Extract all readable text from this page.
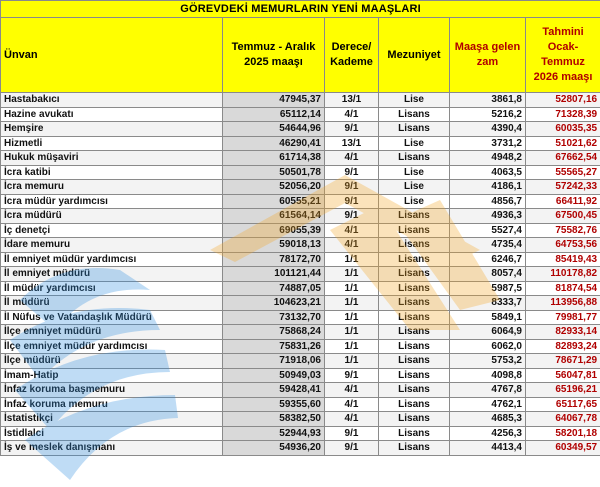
GÖREVDEKİ MEMURLARIN YENİ MAAŞLARI					
Ünvan	Temmuz - Aralık 2025 maaşı	Derece/ Kademe	Mezuniyet	Maaşa gelen zam	Tahmini Ocak-Temmuz 2026 maaşı
Hastabakıcı	47945,37	13/1	Lise	3861,8	52807,16
Hazine avukatı	65112,14	4/1	Lisans	5216,2	71328,39
Hemşire	54644,96	9/1	Lisans	4390,4	60035,35
Hizmetli	46290,41	13/1	Lise	3731,2	51021,62
Hukuk müşaviri	61714,38	4/1	Lisans	4948,2	67662,54
İcra katibi	50501,78	9/1	Lise	4063,5	55565,27
İcra memuru	52056,20	9/1	Lise	4186,1	57242,33
İcra müdür yardımcısı	60555,21	9/1	Lise	4856,7	66411,92
İcra müdürü	61564,14	9/1	Lisans	4936,3	67500,45
İç denetçi	69055,39	4/1	Lisans	5527,4	75582,76
İdare memuru	59018,13	4/1	Lisans	4735,4	64753,56
İl emniyet müdür yardımcısı	78172,70	1/1	Lisans	6246,7	85419,43
İl emniyet müdürü	101121,44	1/1	Lisans	8057,4	110178,82
İl müdür yardımcısı	74887,05	1/1	Lisans	5987,5	81874,54
İl müdürü	104623,21	1/1	Lisans	8333,7	113956,88
İl Nüfus ve Vatandaşlık Müdürü	73132,70	1/1	Lisans	5849,1	79981,77
İlçe emniyet müdürü	75868,24	1/1	Lisans	6064,9	82933,14
İlçe emniyet müdür yardımcısı	75831,26	1/1	Lisans	6062,0	82893,24
İlçe müdürü	71918,06	1/1	Lisans	5753,2	78671,29
İmam-Hatip	50949,03	9/1	Lisans	4098,8	56047,81
İnfaz koruma başmemuru	59428,41	4/1	Lisans	4767,8	65196,21
İnfaz koruma memuru	59355,60	4/1	Lisans	4762,1	65117,65
İstatistikçi	58382,50	4/1	Lisans	4685,3	64067,78
İstidlalci	52944,93	9/1	Lisans	4256,3	58201,18
İş ve meslek danışmanı	54936,20	9/1	Lisans	4413,4	60349,57
